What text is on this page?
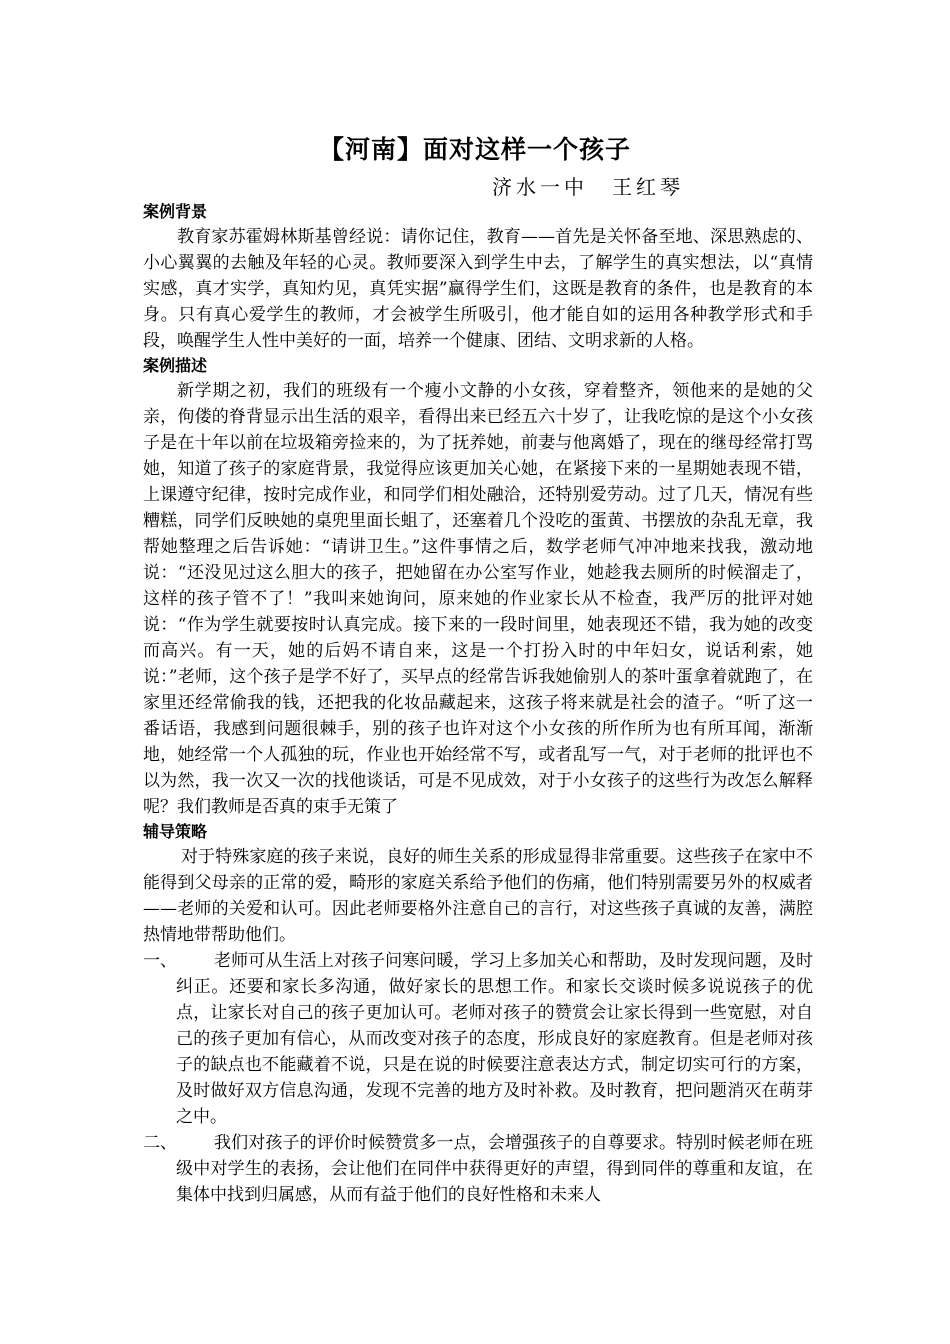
【河南】面对这样一个孩子
济水一中　王红琴
案例背景

教育家苏霍姆林斯基曾经说：请你记住，教育——首先是关怀备至地、深思熟虑的、小心翼翼的去触及年轻的心灵。教师要深入到学生中去，了解学生的真实想法，以“真情实感，真才实学，真知灼见，真凭实据”赢得学生们，这既是教育的条件，也是教育的本身。只有真心爱学生的教师，才会被学生所吸引，他才能自如的运用各种教学形式和手段，唤醒学生人性中美好的一面，培养一个健康、团结、文明求新的人格。

案例描述

新学期之初，我们的班级有一个瘦小文静的小女孩，穿着整齐，领他来的是她的父亲，佝偻的脊背显示出生活的艰辛，看得出来已经五六十岁了，让我吃惊的是这个小女孩子是在十年以前在垃圾箱旁捡来的，为了抚养她，前妻与他离婚了，现在的继母经常打骂她，知道了孩子的家庭背景，我觉得应该更加关心她，在紧接下来的一星期她表现不错，上课遵守纪律，按时完成作业，和同学们相处融洽，还特别爱劳动。过了几天，情况有些糟糕，同学们反映她的桌兜里面长蛆了，还塞着几个没吃的蛋黄、书摆放的杂乱无章，我帮她整理之后告诉她：“请讲卫生。”这件事情之后，数学老师气冲冲地来找我，激动地说：“还没见过这么胆大的孩子，把她留在办公室写作业，她趁我去厕所的时候溜走了，这样的孩子管不了！”我叫来她询问，原来她的作业家长从不检查，我严厉的批评对她说：“作为学生就要按时认真完成。接下来的一段时间里，她表现还不错，我为她的改变而高兴。有一天，她的后妈不请自来，这是一个打扮入时的中年妇女，说话利索，她说：”老师，这个孩子是学不好了，买早点的经常告诉我她偷别人的茶叶蛋拿着就跑了，在家里还经常偷我的钱，还把我的化妆品藏起来，这孩子将来就是社会的渣子。“听了这一番话语，我感到问题很棘手，别的孩子也许对这个小女孩的所作所为也有所耳闻，渐渐地，她经常一个人孤独的玩，作业也开始经常不写，或者乱写一气，对于老师的批评也不以为然，我一次又一次的找他谈话，可是不见成效，对于小女孩子的这些行为改怎么解释呢？我们教师是否真的束手无策了

辅导策略

对于特殊家庭的孩子来说，良好的师生关系的形成显得非常重要。这些孩子在家中不能得到父母亲的正常的爱，畸形的家庭关系给予他们的伤痛，他们特别需要另外的权威者——老师的关爱和认可。因此老师要格外注意自己的言行，对这些孩子真诚的友善，满腔热情地带帮助他们。

一、	老师可从生活上对孩子问寒问暖，学习上多加关心和帮助，及时发现问题，及时纠正。还要和家长多沟通，做好家长的思想工作。和家长交谈时候多说说孩子的优点，让家长对自己的孩子更加认可。老师对孩子的赞赏会让家长得到一些宽慰，对自己的孩子更加有信心，从而改变对孩子的态度，形成良好的家庭教育。但是老师对孩子的缺点也不能藏着不说，只是在说的时候要注意表达方式，制定切实可行的方案，及时做好双方信息沟通，发现不完善的地方及时补救。及时教育，把问题消灭在萌芽之中。
二、	我们对孩子的评价时候赞赏多一点，会增强孩子的自尊要求。特别时候老师在班级中对学生的表扬，会让他们在同伴中获得更好的声望，得到同伴的尊重和友谊，在集体中找到归属感，从而有益于他们的良好性格和未来人
